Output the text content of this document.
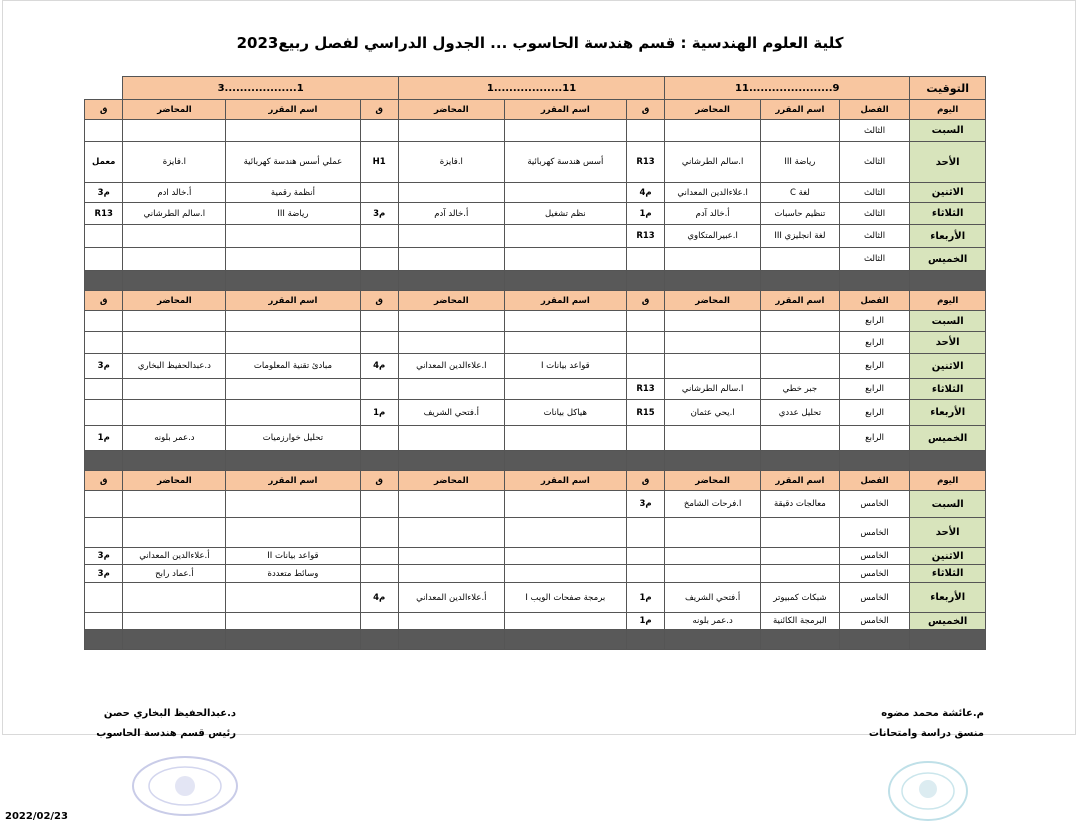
كلية العلوم الهندسية : قسم هندسة الحاسوب ... الجدول الدراسي لفصل ربيع2023
التوقيت	9......................11			11..................1			1...................3			
اليوم	الفصل	اسم المقرر	المحاضر	ق	اسم المقرر	المحاضر	ق	اسم المقرر	المحاضر	ق
السبت	الثالث									
الأحد	الثالث	رياضة III	ا.سالم الطرشاني	R13	أسس هندسة كهربائية	ا.فايزة	H1	عملي أسس هندسة كهربائية	ا.فايزة	معمل
الاثنين	الثالث	لغة C	ا.علاءالدين المعداني	م4				أنظمة رقمية	أ.خالد ادم	م3
الثلاثاء	الثالث	تنظيم حاسبات	أ.خالد آدم	م1	نظم تشغيل	أ.خالد آدم	م3	رياضة III	ا.سالم الطرشاني	R13
الأربعاء	الثالث	لغة انجليزي III	ا.عبيرالمتكاوي	R13						
الخميس	الثالث									

اليوم	الفصل	اسم المقرر	المحاضر	ق	اسم المقرر	المحاضر	ق	اسم المقرر	المحاضر	ق
السبت	الرابع									
الأحد	الرابع									
الاثنين	الرابع				قواعد بيانات I	ا.علاءالدين المعداني	م4	مبادئ تقنية المعلومات	د.عبدالحفيظ البخاري	م3
الثلاثاء	الرابع	جبر خطي	ا.سالم الطرشاني	R13						
الأربعاء	الرابع	تحليل عددي	ا.يحي عثمان	R15	هياكل بيانات	أ.فتحي الشريف	م1			
الخميس	الرابع							تحليل خوارزميات	د.عمر بلونه	م1

اليوم	الفصل	اسم المقرر	المحاضر	ق	اسم المقرر	المحاضر	ق	اسم المقرر	المحاضر	ق
السبت	الخامس	معالجات دقيقة	ا.فرحات الشامخ	م3						
الأحد	الخامس									
الاثنين	الخامس							قواعد بيانات II	أ.علاءالدين المعداني	م3
الثلاثاء	الخامس							وسائط متعددة	أ.عماد رابح	م3
الأربعاء	الخامس	شبكات كمبيوتر	أ.فتحي الشريف	م1	برمجة صفحات الويب I	أ.علاءالدين المعداني	م4			
الخميس	الخامس	البرمجة الكائنية	د.عمر بلونه	م1						

م.عائشة محمد مضوه
منسق دراسة وامتحانات
د.عبدالحفيظ البخاري حصن
رئيس قسم هندسة الحاسوب
2022/02/23
